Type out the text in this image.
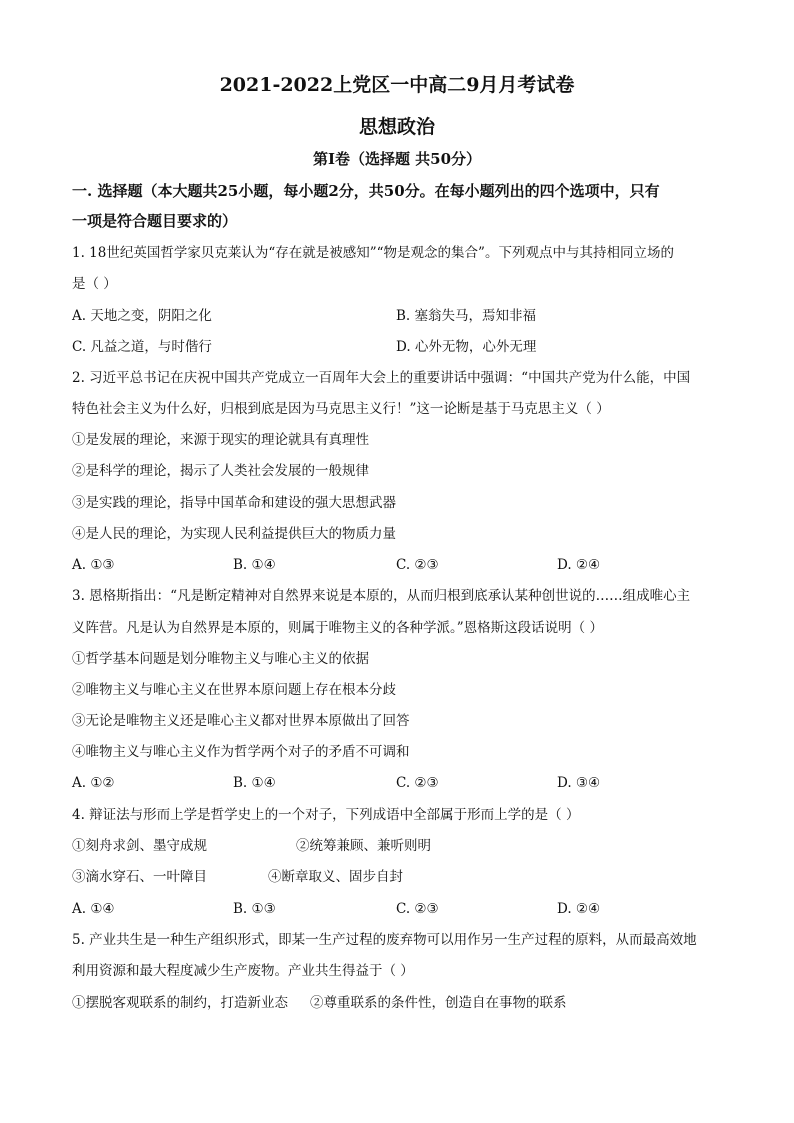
2021-2022上党区一中高二9月月考试卷
思想政治
第I卷（选择题 共50分）
一. 选择题（本大题共25小题，每小题2分，共50分。在每小题列出的四个选项中，只有
一项是符合题目要求的）
1. 18世纪英国哲学家贝克莱认为“存在就是被感知”“物是观念的集合”。下列观点中与其持相同立场的
是（ ）
A. 天地之变，阴阳之化	B. 塞翁失马，焉知非福
C. 凡益之道，与时偕行	D. 心外无物，心外无理
2. 习近平总书记在庆祝中国共产党成立一百周年大会上的重要讲话中强调：“中国共产党为什么能，中国
特色社会主义为什么好，归根到底是因为马克思主义行！”这一论断是基于马克思主义（ ）
①是发展的理论，来源于现实的理论就具有真理性
②是科学的理论，揭示了人类社会发展的一般规律
③是实践的理论，指导中国革命和建设的强大思想武器
④是人民的理论，为实现人民利益提供巨大的物质力量
A. ①③	B. ①④	C. ②③	D. ②④
3. 恩格斯指出：“凡是断定精神对自然界来说是本原的，从而归根到底承认某种创世说的……组成唯心主
义阵营。凡是认为自然界是本原的，则属于唯物主义的各种学派。”恩格斯这段话说明（ ）
①哲学基本问题是划分唯物主义与唯心主义的依据
②唯物主义与唯心主义在世界本原问题上存在根本分歧
③无论是唯物主义还是唯心主义都对世界本原做出了回答
④唯物主义与唯心主义作为哲学两个对子的矛盾不可调和
A. ①②	B. ①④	C. ②③	D. ③④
4. 辩证法与形而上学是哲学史上的一个对子，下列成语中全部属于形而上学的是（ ）
①刻舟求剑、墨守成规	②统筹兼顾、兼听则明
③滴水穿石、一叶障目	④断章取义、固步自封
A. ①④	B. ①③	C. ②③	D. ②④
5. 产业共生是一种生产组织形式，即某一生产过程的废弃物可以用作另一生产过程的原料，从而最高效地
利用资源和最大程度减少生产废物。产业共生得益于（ ）
①摆脱客观联系的制约，打造新业态 ②尊重联系的条件性，创造自在事物的联系
